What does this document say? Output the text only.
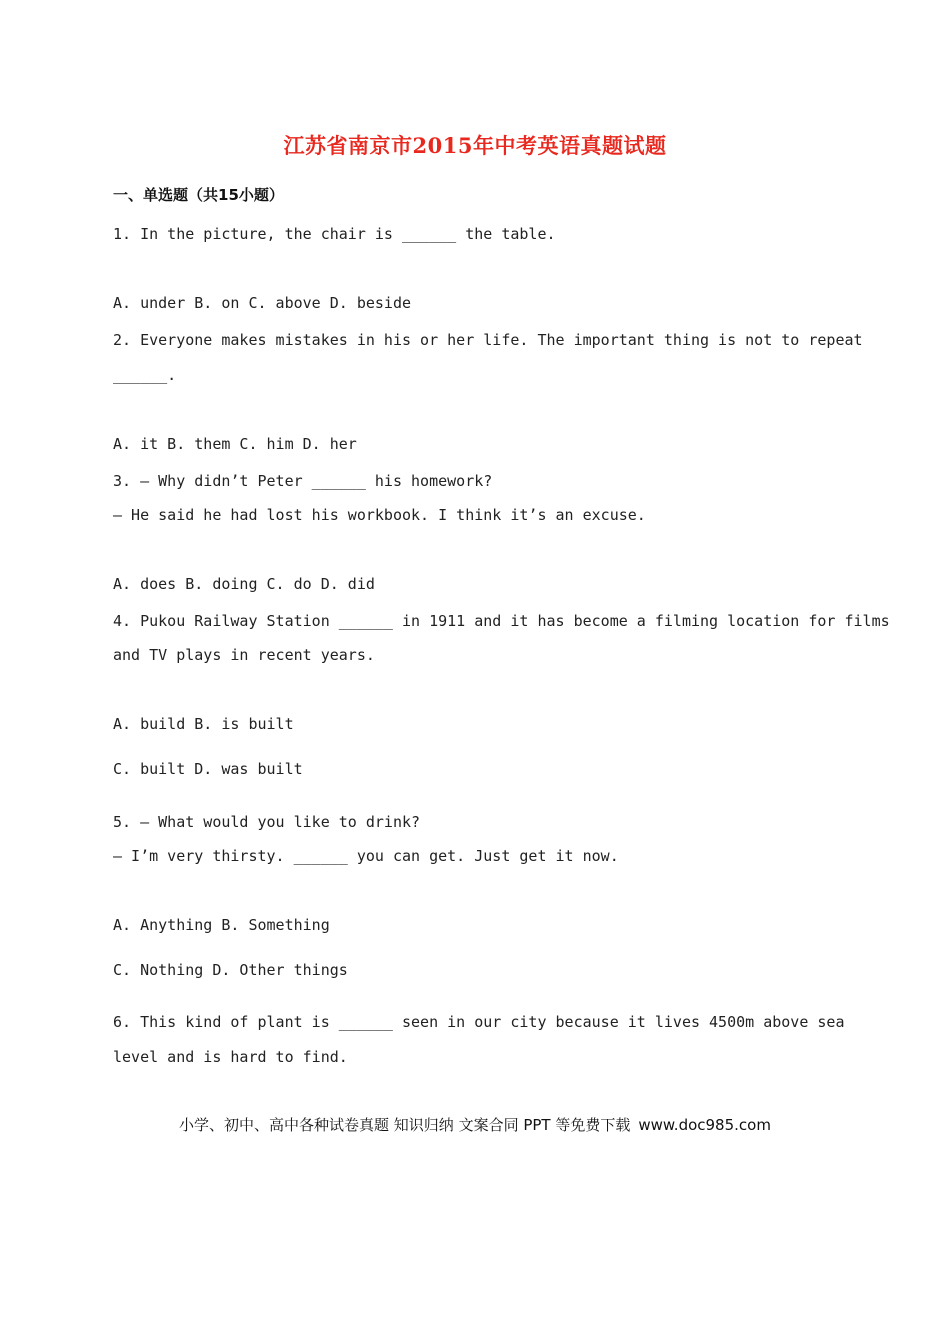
江苏省南京市2015年中考英语真题试题
一、单选题（共15小题）
1. In the picture, the chair is ______ the table.
A. under B. on C. above D. beside
2. Everyone makes mistakes in his or her life. The important thing is not to repeat
______.
A. it B. them C. him D. her
3. — Why didn’t Peter ______ his homework?
— He said he had lost his workbook. I think it’s an excuse.
A. does B. doing C. do D. did
4. Pukou Railway Station ______ in 1911 and it has become a filming location for films
and TV plays in recent years.
A. build B. is built
C. built D. was built
5. — What would you like to drink?
— I’m very thirsty. ______ you can get. Just get it now.
A. Anything B. Something
C. Nothing D. Other things
6. This kind of plant is ______ seen in our city because it lives 4500m above sea
level and is hard to find.
小学、初中、高中各种试卷真题 知识归纳 文案合同 PPT 等免费下载 www.doc985.com
